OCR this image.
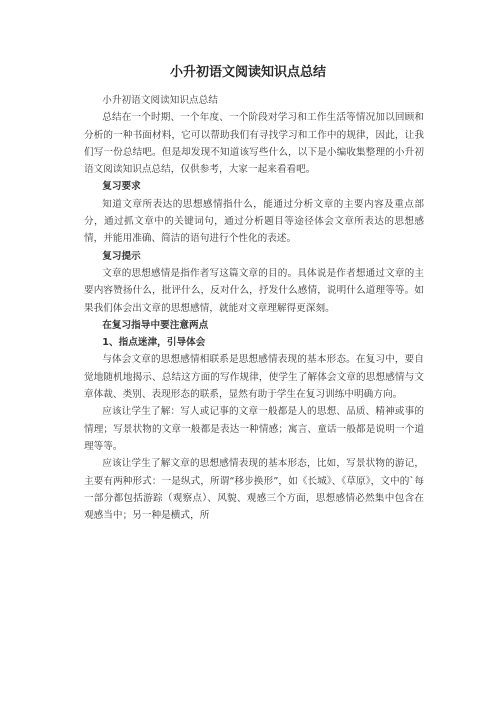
小升初语文阅读知识点总结

小升初语文阅读知识点总结

总结在一个时期、一个年度、一个阶段对学习和工作生活等情况加以回顾和分析的一种书面材料，它可以帮助我们有寻找学习和工作中的规律，因此，让我们写一份总结吧。但是却发现不知道该写些什么，以下是小编收集整理的小升初语文阅读知识点总结，仅供参考，大家一起来看看吧。

复习要求

知道文章所表达的思想感情指什么，能通过分析文章的主要内容及重点部分，通过抓文章中的关键词句，通过分析题目等途径体会文章所表达的思想感情，并能用准确、简洁的语句进行个性化的表述。

复习提示

文章的思想感情是指作者写这篇文章的目的。具体说是作者想通过文章的主要内容赞扬什么，批评什么，反对什么，抒发什么感情，说明什么道理等等。如果我们体会出文章的思想感情，就能对文章理解得更深刻。

在复习指导中要注意两点

1、指点迷津，引导体会

与体会文章的思想感情相联系是思想感情表现的基本形态。在复习中，要自觉地随机地揭示、总结这方面的写作规律，使学生了解体会文章的思想感情与文章体裁、类别、表现形态的联系，显然有助于学生在复习训练中明确方向。

应该让学生了解：写人或记事的文章一般都是人的思想、品质、精神或事的情理；写景状物的文章一般都是表达一种情感；寓言、童话一般都是说明一个道理等等。

应该让学生了解文章的思想感情表现的基本形态，比如，写景状物的游记，主要有两种形式：一是纵式，所谓“移步换形”，如《长城》、《草原》，文中的`每一部分都包括游踪（观察点）、风貌、观感三个方面，思想感情必然集中包含在观感当中；另一种是横式，所
